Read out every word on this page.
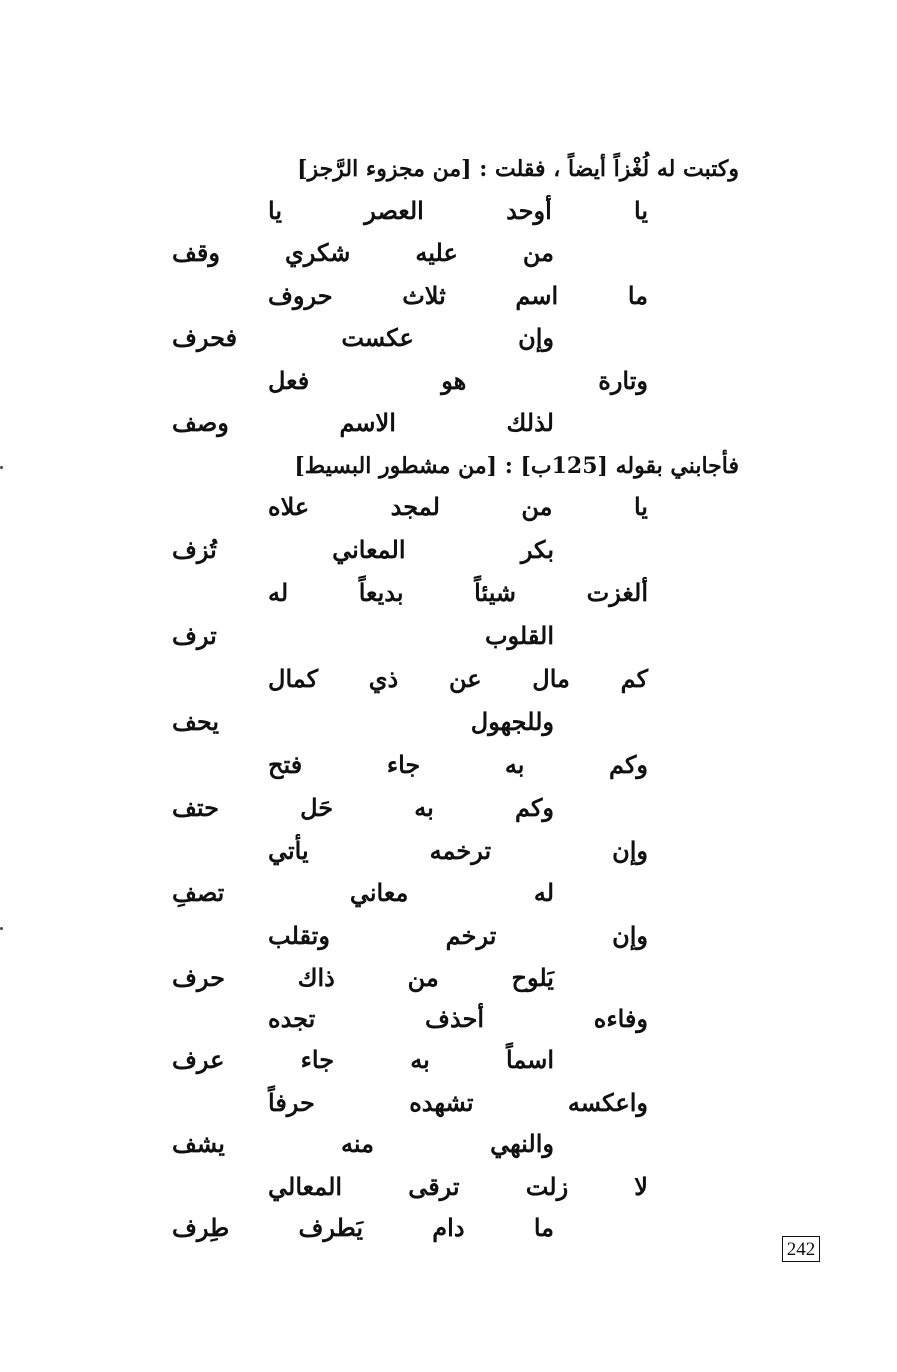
وكتبت له لُغْزاً أيضاً ، فقلت : [من مجزوء الرَّجز]
يا أوحد العصر يا
من عليه شكري وقف
ما اسم ثلاث حروف
وإن عكست فحرف
وتارة هو فعل
لذلك الاسم وصف
فأجابني بقوله [125ب] : [من مشطور البسيط]
يا من لمجد علاه
بكر المعاني تُزف
ألغزت شيئاً بديعاً له
القلوب ترف
كم مال عن ذي كمال
وللجهول يحف
وكم به جاء فتح
وكم به حَل حتف
وإن ترخمه يأتي
له معاني تصفِ
وإن ترخم وتقلب
يَلوح من ذاك حرف
وفاءه أحذف تجده
اسماً به جاء عرف
واعكسه تشهده حرفاً
والنهي منه يشف
لا زلت ترقى المعالي
ما دام يَطرف طِرف
242
